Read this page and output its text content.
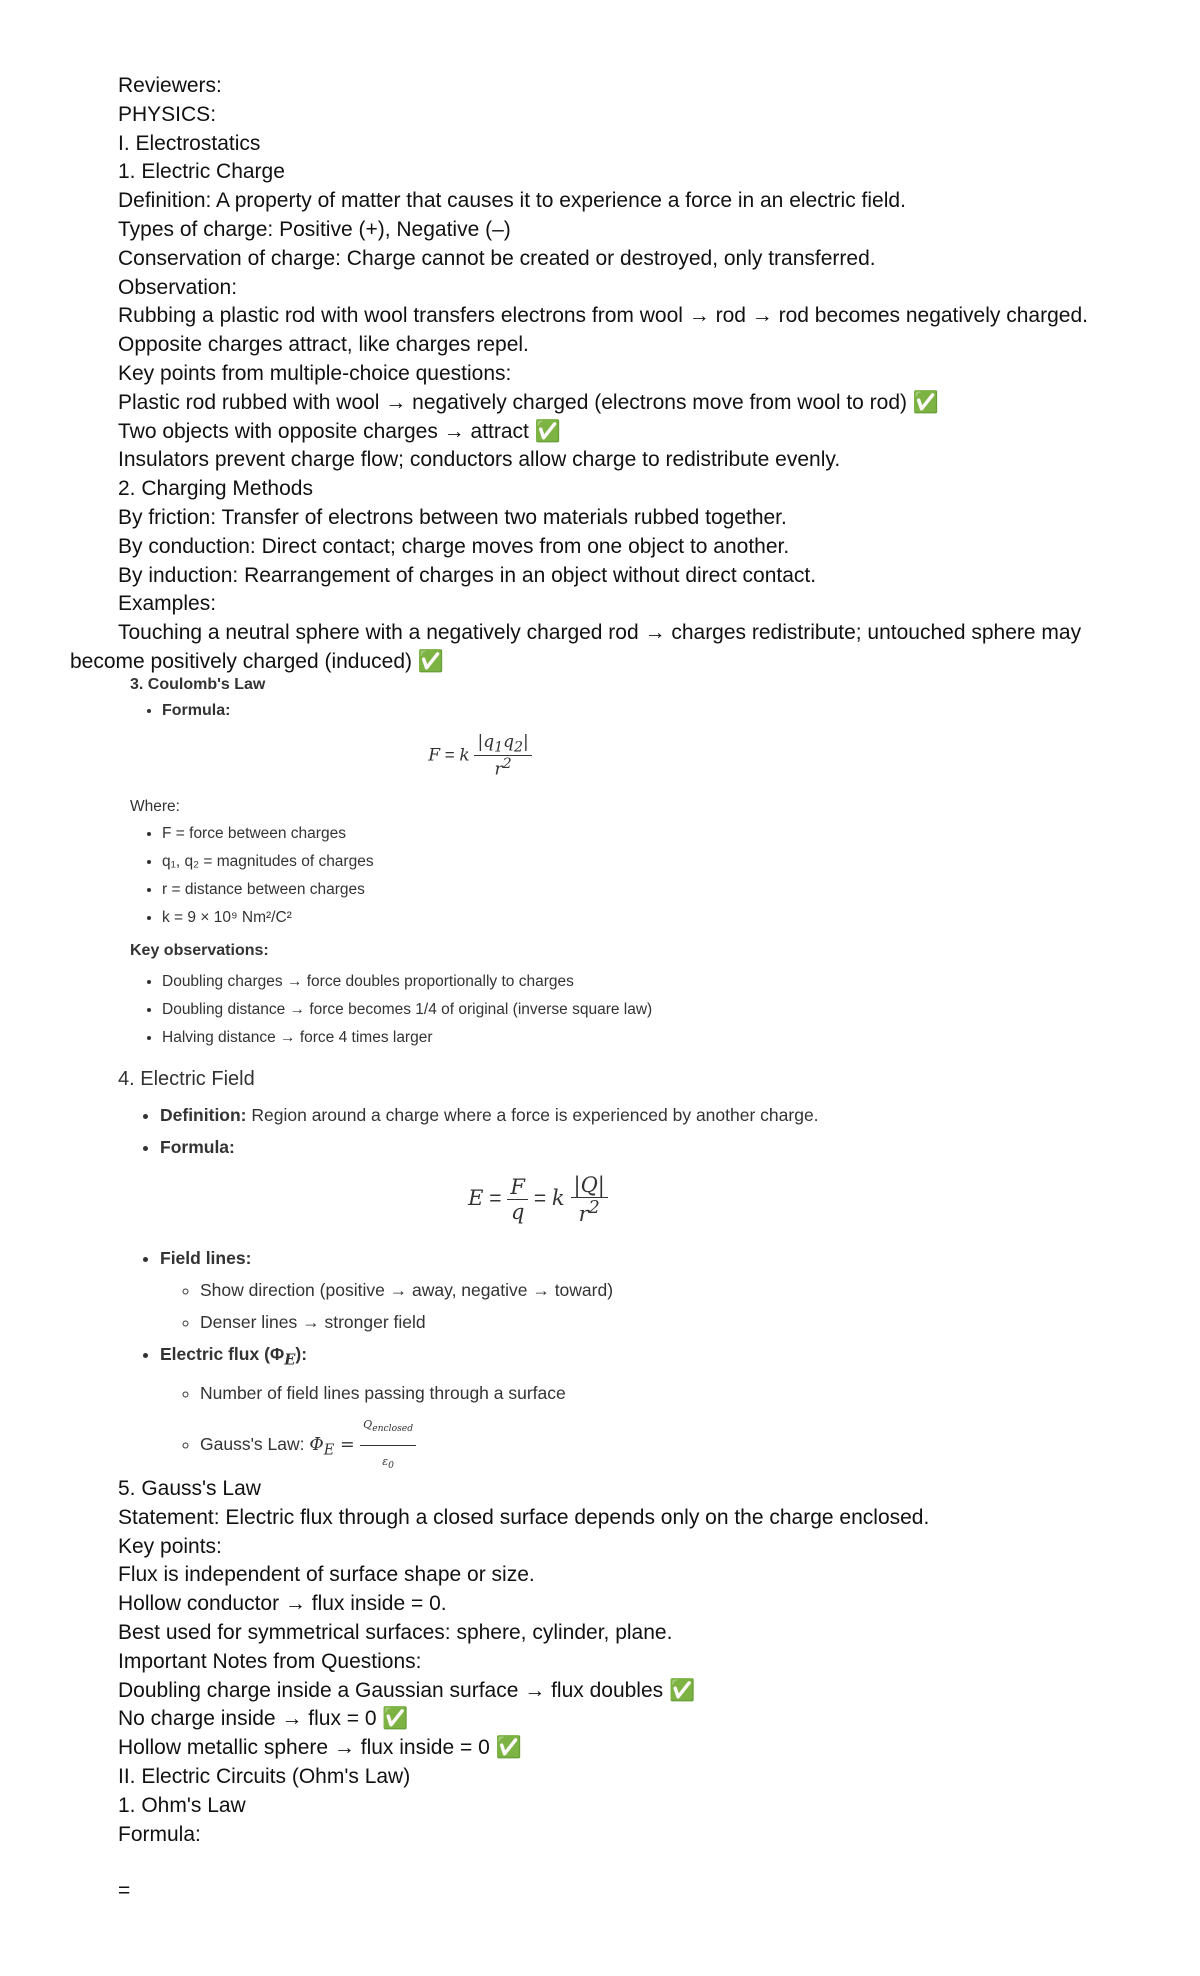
Reviewers:
PHYSICS:
I. Electrostatics
1. Electric Charge
Definition: A property of matter that causes it to experience a force in an electric field.
Types of charge: Positive (+), Negative (–)
Conservation of charge: Charge cannot be created or destroyed, only transferred.
Observation:
Rubbing a plastic rod with wool transfers electrons from wool → rod → rod becomes negatively charged.
Opposite charges attract, like charges repel.
Key points from multiple-choice questions:
Plastic rod rubbed with wool → negatively charged (electrons move from wool to rod) ✅
Two objects with opposite charges → attract ✅
Insulators prevent charge flow; conductors allow charge to redistribute evenly.
2. Charging Methods
By friction: Transfer of electrons between two materials rubbed together.
By conduction: Direct contact; charge moves from one object to another.
By induction: Rearrangement of charges in an object without direct contact.
Examples:
Touching a neutral sphere with a negatively charged rod → charges redistribute; untouched sphere may
become positively charged (induced) ✅
3. Coulomb's Law
• Formula:
F = k $\frac{|q_1q_2|}{r^2}$
Where:
• F = force between charges
• q₁, q₂ = magnitudes of charges
• r = distance between charges
• k = 9 × 10⁹ Nm²/C²
Key observations:
• Doubling charges → force doubles proportionally to charges
• Doubling distance → force becomes 1/4 of original (inverse square law)
• Halving distance → force 4 times larger
4. Electric Field
• Definition: Region around a charge where a force is experienced by another charge.
• Formula:
$E = \frac{F}{q} = k \frac{|Q|}{r^2}$
• Field lines:
◦ Show direction (positive → away, negative → toward)
◦ Denser lines → stronger field
• Electric flux $(\Phi_E)$:
◦ Number of field lines passing through a surface
◦ Gauss's Law: $\Phi_E = \frac{Q_{enclosed}}{\varepsilon_0}$
5. Gauss's Law
Statement: Electric flux through a closed surface depends only on the charge enclosed.
Key points:
Flux is independent of surface shape or size.
Hollow conductor → flux inside = 0.
Best used for symmetrical surfaces: sphere, cylinder, plane.
Important Notes from Questions:
Doubling charge inside a Gaussian surface → flux doubles ✅
No charge inside → flux = 0 ✅
Hollow metallic sphere → flux inside = 0 ✅
II. Electric Circuits (Ohm's Law)
1. Ohm's Law
Formula:
=
